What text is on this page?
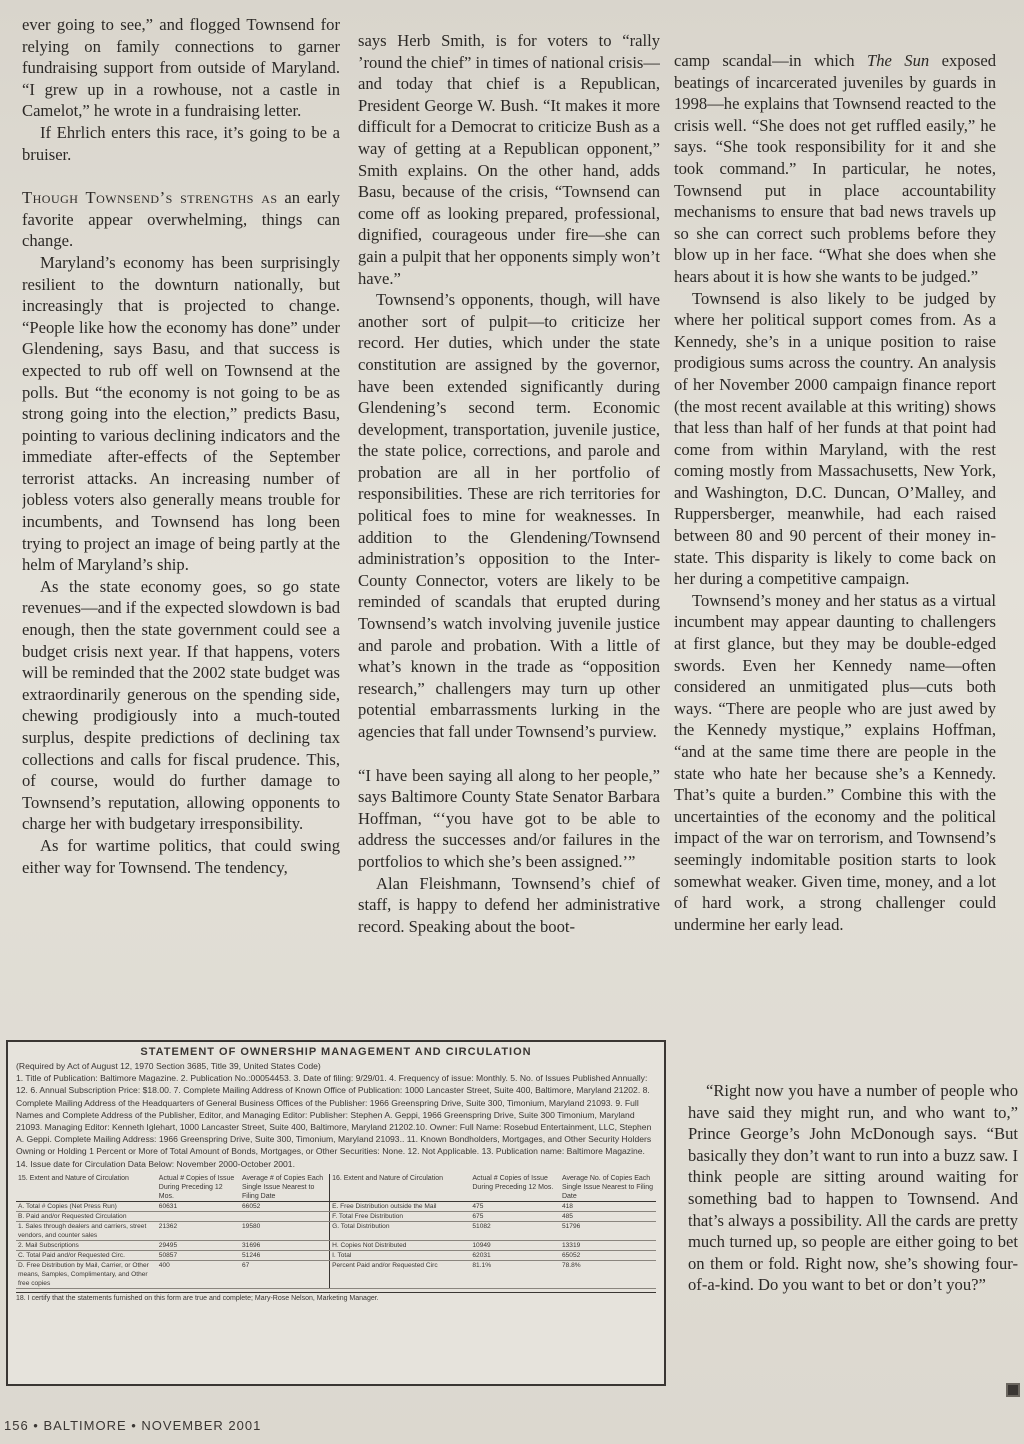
ever going to see,” and flogged Townsend for relying on family connections to garner fundraising support from outside of Maryland. “I grew up in a rowhouse, not a castle in Camelot,” he wrote in a fundraising letter.

If Ehrlich enters this race, it’s going to be a bruiser.

Though Townsend’s strengths as an early favorite appear overwhelming, things can change.

Maryland’s economy has been surprisingly resilient to the downturn nationally, but increasingly that is projected to change. “People like how the economy has done” under Glendening, says Basu, and that success is expected to rub off well on Townsend at the polls. But “the economy is not going to be as strong going into the election,” predicts Basu, pointing to various declining indicators and the immediate after-effects of the September terrorist attacks. An increasing number of jobless voters also generally means trouble for incumbents, and Townsend has long been trying to project an image of being partly at the helm of Maryland’s ship.

As the state economy goes, so go state revenues—and if the expected slowdown is bad enough, then the state government could see a budget crisis next year. If that happens, voters will be reminded that the 2002 state budget was extraordinarily generous on the spending side, chewing prodigiously into a much-touted surplus, despite predictions of declining tax collections and calls for fiscal prudence. This, of course, would do further damage to Townsend’s reputation, allowing opponents to charge her with budgetary irresponsibility.

As for wartime politics, that could swing either way for Townsend. The tendency,

says Herb Smith, is for voters to “rally ’round the chief” in times of national crisis—and today that chief is a Republican, President George W. Bush. “It makes it more difficult for a Democrat to criticize Bush as a way of getting at a Republican opponent,” Smith explains. On the other hand, adds Basu, because of the crisis, “Townsend can come off as looking prepared, professional, dignified, courageous under fire—she can gain a pulpit that her opponents simply won’t have.”

Townsend’s opponents, though, will have another sort of pulpit—to criticize her record. Her duties, which under the state constitution are assigned by the governor, have been extended significantly during Glendening’s second term. Economic development, transportation, juvenile justice, the state police, corrections, and parole and probation are all in her portfolio of responsibilities. These are rich territories for political foes to mine for weaknesses. In addition to the Glendening/Townsend administration’s opposition to the Inter-County Connector, voters are likely to be reminded of scandals that erupted during Townsend’s watch involving juvenile justice and parole and probation. With a little of what’s known in the trade as “opposition research,” challengers may turn up other potential embarrassments lurking in the agencies that fall under Townsend’s purview.

“I have been saying all along to her people,” says Baltimore County State Senator Barbara Hoffman, “‘you have got to be able to address the successes and/or failures in the portfolios to which she’s been assigned.’”

Alan Fleishmann, Townsend’s chief of staff, is happy to defend her administrative record. Speaking about the boot-

camp scandal—in which The Sun exposed beatings of incarcerated juveniles by guards in 1998—he explains that Townsend reacted to the crisis well. “She does not get ruffled easily,” he says. “She took responsibility for it and she took command.” In particular, he notes, Townsend put in place accountability mechanisms to ensure that bad news travels up so she can correct such problems before they blow up in her face. “What she does when she hears about it is how she wants to be judged.”

Townsend is also likely to be judged by where her political support comes from. As a Kennedy, she’s in a unique position to raise prodigious sums across the country. An analysis of her November 2000 campaign finance report (the most recent available at this writing) shows that less than half of her funds at that point had come from within Maryland, with the rest coming mostly from Massachusetts, New York, and Washington, D.C. Duncan, O’Malley, and Ruppersberger, meanwhile, had each raised between 80 and 90 percent of their money in-state. This disparity is likely to come back on her during a competitive campaign.

Townsend’s money and her status as a virtual incumbent may appear daunting to challengers at first glance, but they may be double-edged swords. Even her Kennedy name—often considered an unmitigated plus—cuts both ways. “There are people who are just awed by the Kennedy mystique,” explains Hoffman, “and at the same time there are people in the state who hate her because she’s a Kennedy. That’s quite a burden.” Combine this with the uncertainties of the economy and the political impact of the war on terrorism, and Townsend’s seemingly indomitable position starts to look somewhat weaker. Given time, money, and a lot of hard work, a strong challenger could undermine her early lead.

“Right now you have a number of people who have said they might run, and who want to,” Prince George’s John McDonough says. “But basically they don’t want to run into a buzz saw. I think people are sitting around waiting for something bad to happen to Townsend. And that’s always a possibility. All the cards are pretty much turned up, so people are either going to bet on them or fold. Right now, she’s showing four-of-a-kind. Do you want to bet or don’t you?”

STATEMENT OF OWNERSHIP MANAGEMENT AND CIRCULATION
(Required by Act of August 12, 1970 Section 3685, Title 39, United States Code)
1. Title of Publication: Baltimore Magazine. 2. Publication No.:00054453. 3. Date of filing: 9/29/01. 4. Frequency of issue: Monthly. 5. No. of Issues Published Annually: 12. 6. Annual Subscription Price: $18.00. 7. Complete Mailing Address of Known Office of Publication: 1000 Lancaster Street, Suite 400, Baltimore, Maryland 21202. 8. Complete Mailing Address of the Headquarters of General Business Offices of the Publisher: 1966 Greenspring Drive, Suite 300, Timonium, Maryland 21093. 9. Full Names and Complete Address of the Publisher, Editor, and Managing Editor: Publisher: Stephen A. Geppi, 1966 Greenspring Drive, Suite 300 Timonium, Maryland 21093. Managing Editor: Kenneth Iglehart, 1000 Lancaster Street, Suite 400, Baltimore, Maryland 21202.10. Owner: Full Name: Rosebud Entertainment, LLC, Stephen A. Geppi. Complete Mailing Address: 1966 Greenspring Drive, Suite 300, Timonium, Maryland 21093.. 11. Known Bondholders, Mortgages, and Other Security Holders Owning or Holding 1 Percent or More of Total Amount of Bonds, Mortgages, or Other Securities: None. 12. Not Applicable. 13. Publication name: Baltimore Magazine. 14. Issue date for Circulation Data Below: November 2000-October 2001.
15. Extent and Nature of Circulation	Actual # Copies of Issue During Preceding 12 Mos.	Average # of Copies Each Single Issue Nearest to Filing Date	16. Extent and Nature of Circulation	Actual # Copies of Issue During Preceding 12 Mos.	Average No. of Copies Each Single Issue Nearest to Filing Date
A. Total # Copies (Net Press Run)	60631	66052	E. Free Distribution outside the Mail	475	418
B. Paid and/or Requested Circulation			F. Total Free Distribution	675	485
1. Sales through dealers and carriers, street vendors, and counter sales	21362	19580	G. Total Distribution	51082	51796
2. Mail Subscriptions	29495	31696	H. Copies Not Distributed	10949	13319
C. Total Paid and/or Requested Circ.	50857	51246	I. Total	62031	65052
D. Free Distribution by Mail, Carrier, or Other means, Samples, Complimentary, and Other free copies	400	67	Percent Paid and/or Requested Circ	81.1%	78.8%
18. I certify that the statements furnished on this form are true and complete; Mary-Rose Nelson, Marketing Manager.
156 • BALTIMORE • NOVEMBER 2001
